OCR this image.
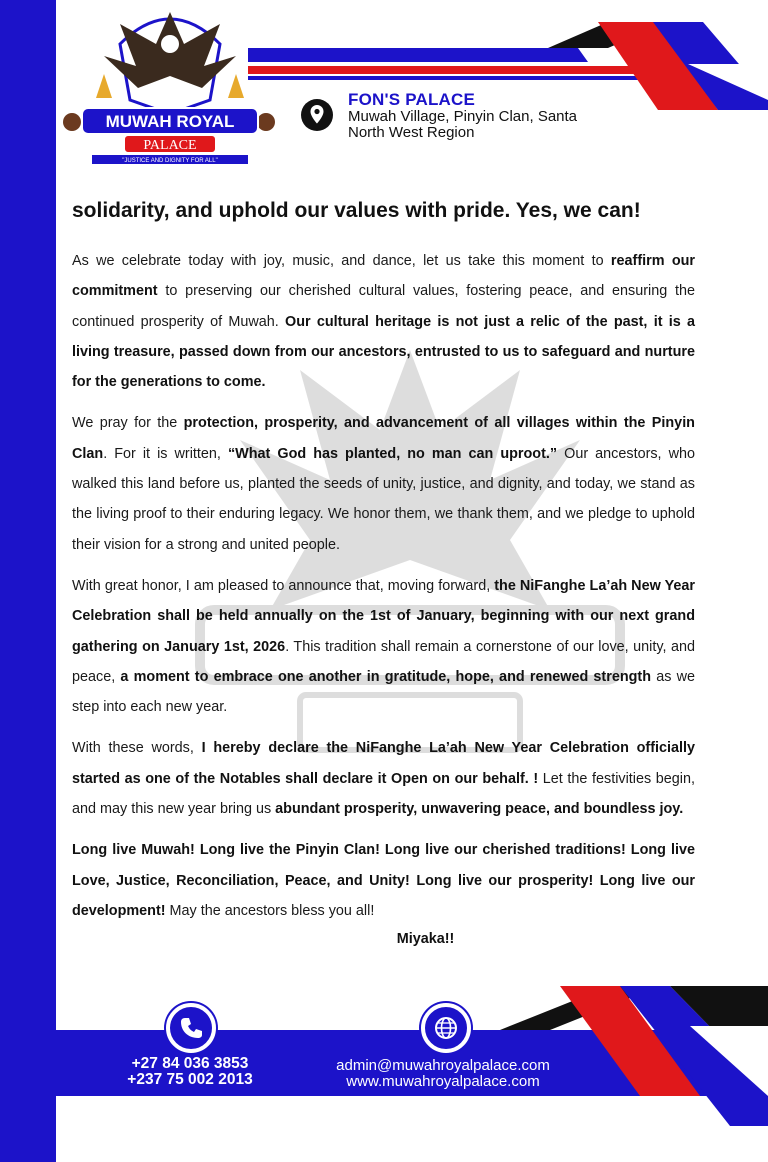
MUWAH ROYAL
PALACE
"JUSTICE AND DIGNITY FOR ALL"
FON'S PALACE
Muwah Village, Pinyin Clan, Santa
North West Region
solidarity, and uphold our values with pride. Yes, we can!

As we celebrate today with joy, music, and dance, let us take this moment to reaffirm our commitment to preserving our cherished cultural values, fostering peace, and ensuring the continued prosperity of Muwah. Our cultural heritage is not just a relic of the past, it is a living treasure, passed down from our ancestors, entrusted to us to safeguard and nurture for the generations to come.

We pray for the protection, prosperity, and advancement of all villages within the Pinyin Clan. For it is written, “What God has planted, no man can uproot.” Our ancestors, who walked this land before us, planted the seeds of unity, justice, and dignity, and today, we stand as the living proof to their enduring legacy. We honor them, we thank them, and we pledge to uphold their vision for a strong and united people.

With great honor, I am pleased to announce that, moving forward, the NiFanghe La’ah New Year Celebration shall be held annually on the 1st of January, beginning with our next grand gathering on January 1st, 2026. This tradition shall remain a cornerstone of our love, unity, and peace, a moment to embrace one another in gratitude, hope, and renewed strength as we step into each new year.

With these words, I hereby declare the NiFanghe La’ah New Year Celebration officially started as one of the Notables shall declare it Open on our behalf. ! Let the festivities begin, and may this new year bring us abundant prosperity, unwavering peace, and boundless joy.

Long live Muwah! Long live the Pinyin Clan! Long live our cherished traditions! Long live Love, Justice, Reconciliation, Peace, and Unity! Long live our prosperity! Long live our development! May the ancestors bless you all!

Miyaka!!
+27 84 036 3853
+237 75 002 2013
admin@muwahroyalpalace.com
www.muwahroyalpalace.com
